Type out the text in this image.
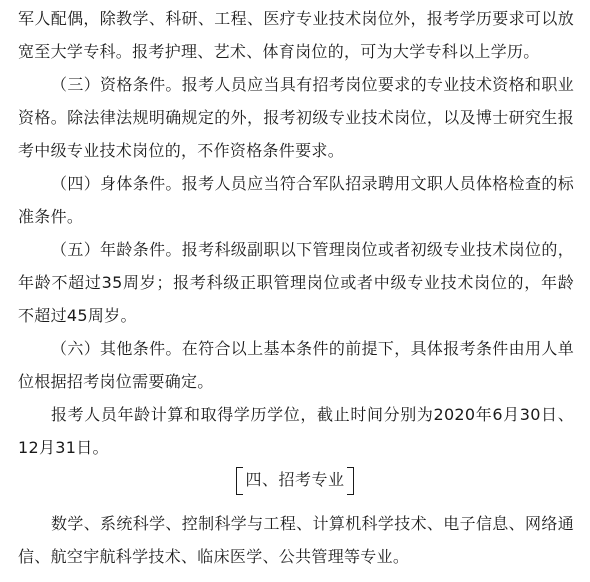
军人配偶，除教学、科研、工程、医疗专业技术岗位外，报考学历要求可以放宽至大学专科。报考护理、艺术、体育岗位的，可为大学专科以上学历。

（三）资格条件。报考人员应当具有招考岗位要求的专业技术资格和职业资格。除法律法规明确规定的外，报考初级专业技术岗位，以及博士研究生报考中级专业技术岗位的，不作资格条件要求。

（四）身体条件。报考人员应当符合军队招录聘用文职人员体格检查的标准条件。

（五）年龄条件。报考科级副职以下管理岗位或者初级专业技术岗位的，年龄不超过35周岁；报考科级正职管理岗位或者中级专业技术岗位的，年龄不超过45周岁。

（六）其他条件。在符合以上基本条件的前提下，具体报考条件由用人单位根据招考岗位需要确定。

报考人员年龄计算和取得学历学位，截止时间分别为2020年6月30日、12月31日。

四、招考专业

数学、系统科学、控制科学与工程、计算机科学技术、电子信息、网络通信、航空宇航科学技术、临床医学、公共管理等专业。
